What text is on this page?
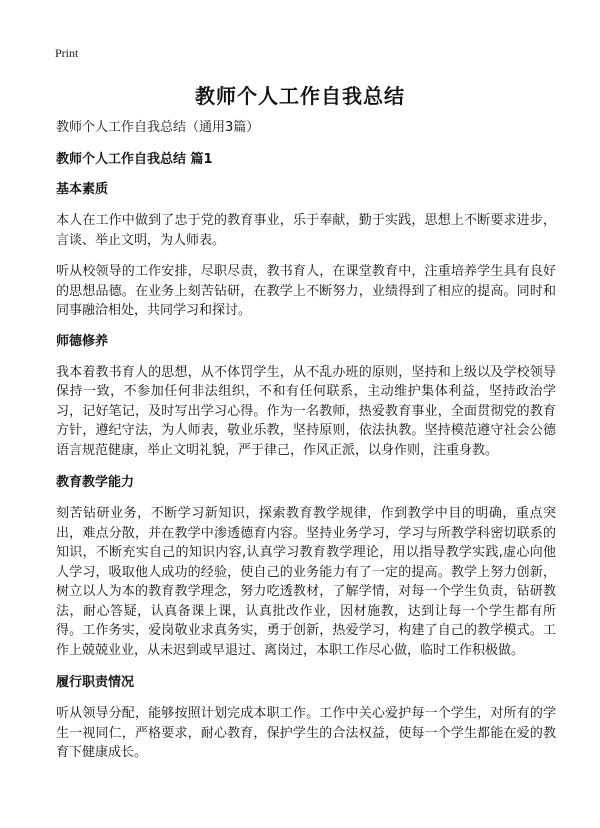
Print
教师个人工作自我总结

教师个人工作自我总结（通用3篇）

教师个人工作自我总结 篇1
基本素质

本人在工作中做到了忠于党的教育事业，乐于奉献，勤于实践，思想上不断要求进步，言谈、举止文明，为人师表。

听从校领导的工作安排，尽职尽责，教书育人，在课堂教育中，注重培养学生具有良好的思想品德。在业务上刻苦钻研，在教学上不断努力，业绩得到了相应的提高。同时和同事融洽相处，共同学习和探讨。

师德修养

我本着教书育人的思想，从不体罚学生，从不乱办班的原则，坚持和上级以及学校领导保持一致，不参加任何非法组织，不和有任何联系，主动维护集体利益，坚持政治学习，记好笔记，及时写出学习心得。作为一名教师，热爱教育事业，全面贯彻党的教育方针，遵纪守法，为人师表，敬业乐教，坚持原则，依法执教。坚持模范遵守社会公德语言规范健康，举止文明礼貌，严于律己，作风正派，以身作则，注重身教。

教育教学能力

刻苦钻研业务，不断学习新知识，探索教育教学规律，作到教学中目的明确，重点突出，难点分散，并在教学中渗透德育内容。坚持业务学习，学习与所教学科密切联系的知识，不断充实自己的知识内容,认真学习教育教学理论，用以指导教学实践,虚心向他人学习，吸取他人成功的经验，使自己的业务能力有了一定的提高。教学上努力创新，树立以人为本的教育教学理念，努力吃透教材，了解学情，对每一个学生负责，钻研教法，耐心答疑，认真备课上课，认真批改作业，因材施教，达到让每一个学生都有所得。工作务实，爱岗敬业求真务实，勇于创新，热爱学习，构建了自己的教学模式。工作上兢兢业业，从未迟到或早退过、离岗过，本职工作尽心做，临时工作积极做。

履行职责情况

听从领导分配，能够按照计划完成本职工作。工作中关心爱护每一个学生，对所有的学生一视同仁，严格要求，耐心教育，保护学生的合法权益，使每一个学生都能在爱的教育下健康成长。
